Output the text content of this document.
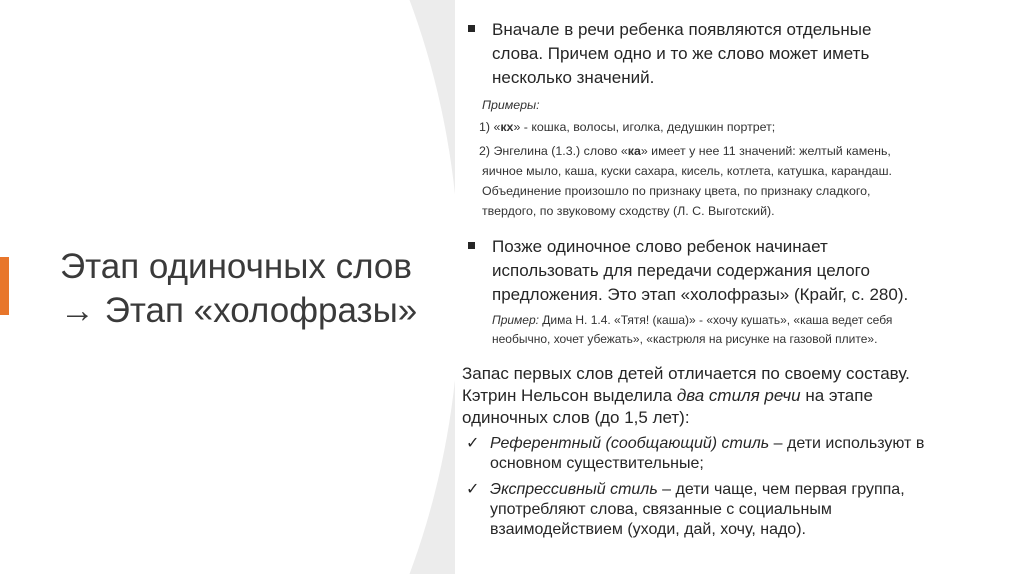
Этап одиночных слов
→ Этап «холофразы»
Вначале в речи ребенка появляются отдельные
слова. Причем одно и то же слово может иметь
несколько значений.
Примеры:
1) «кх» - кошка, волосы, иголка, дедушкин портрет;
2) Энгелина (1.3.) слово «ка» имеет у нее 11 значений: желтый камень,
яичное мыло, каша, куски сахара, кисель, котлета, катушка, карандаш.
Объединение произошло по признаку цвета, по признаку сладкого,
твердого, по звуковому сходству (Л. С. Выготский).
Позже одиночное слово ребенок начинает
использовать для передачи содержания целого
предложения. Это этап «холофразы» (Крайг, с. 280).
Пример: Дима Н. 1.4. «Тятя! (каша)» - «хочу кушать», «каша ведет себя
необычно, хочет убежать», «кастрюля на рисунке на газовой плите».
Запас первых слов детей отличается по своему составу.
Кэтрин Нельсон выделила два стиля речи на этапе
одиночных слов (до 1,5 лет):
✓ Референтный (сообщающий) стиль – дети используют в
основном существительные;
✓ Экспрессивный стиль – дети чаще, чем первая группа,
употребляют слова, связанные с социальным
взаимодействием (уходи, дай, хочу, надо).
